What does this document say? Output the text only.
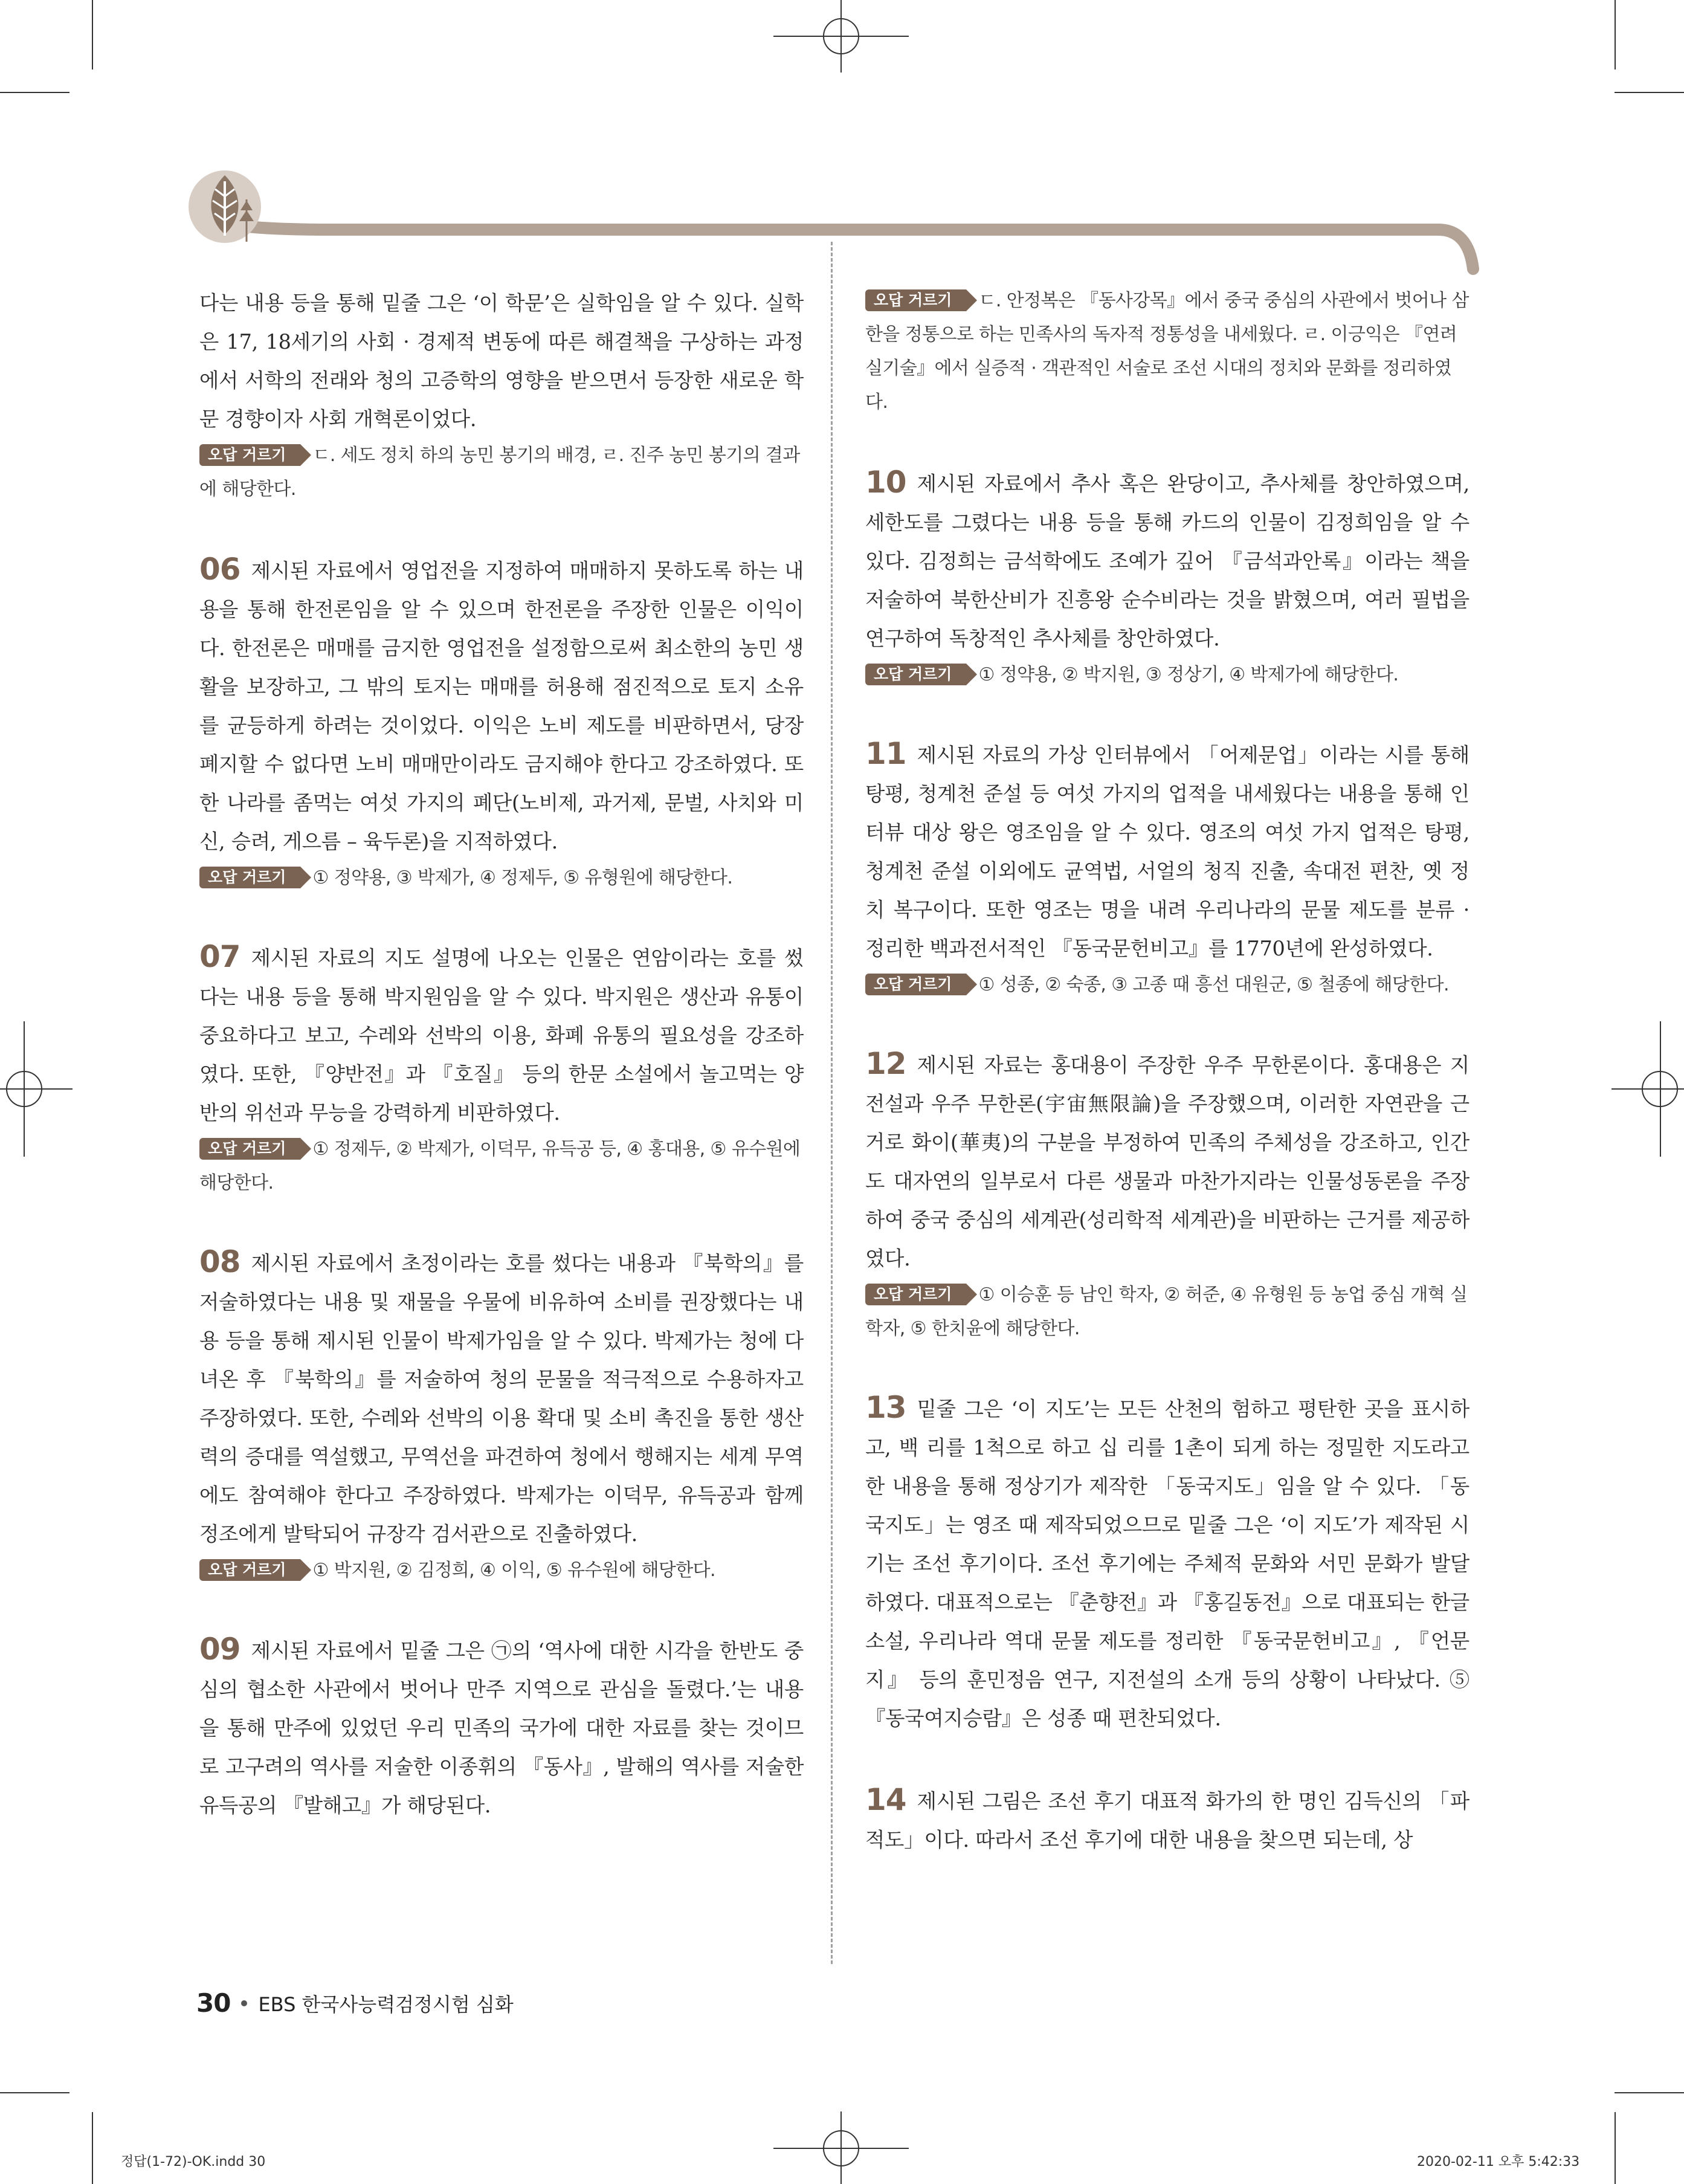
다는 내용 등을 통해 밑줄 그은 ‘이 학문’은 실학임을 알 수 있다. 실학은 17, 18세기의 사회 · 경제적 변동에 따른 해결책을 구상하는 과정에서 서학의 전래와 청의 고증학의 영향을 받으면서 등장한 새로운 학문 경향이자 사회 개혁론이었다.

오답 거르기 ㄷ. 세도 정치 하의 농민 봉기의 배경, ㄹ. 진주 농민 봉기의 결과에 해당한다.

06 제시된 자료에서 영업전을 지정하여 매매하지 못하도록 하는 내용을 통해 한전론임을 알 수 있으며 한전론을 주장한 인물은 이익이다. 한전론은 매매를 금지한 영업전을 설정함으로써 최소한의 농민 생활을 보장하고, 그 밖의 토지는 매매를 허용해 점진적으로 토지 소유를 균등하게 하려는 것이었다. 이익은 노비 제도를 비판하면서, 당장 폐지할 수 없다면 노비 매매만이라도 금지해야 한다고 강조하였다. 또한 나라를 좀먹는 여섯 가지의 폐단(노비제, 과거제, 문벌, 사치와 미신, 승려, 게으름 – 육두론)을 지적하였다.

오답 거르기 ① 정약용, ③ 박제가, ④ 정제두, ⑤ 유형원에 해당한다.

07 제시된 자료의 지도 설명에 나오는 인물은 연암이라는 호를 썼다는 내용 등을 통해 박지원임을 알 수 있다. 박지원은 생산과 유통이 중요하다고 보고, 수레와 선박의 이용, 화폐 유통의 필요성을 강조하였다. 또한, 『양반전』과 『호질』 등의 한문 소설에서 놀고먹는 양반의 위선과 무능을 강력하게 비판하였다.

오답 거르기 ① 정제두, ② 박제가, 이덕무, 유득공 등, ④ 홍대용, ⑤ 유수원에 해당한다.

08 제시된 자료에서 초정이라는 호를 썼다는 내용과 『북학의』를 저술하였다는 내용 및 재물을 우물에 비유하여 소비를 권장했다는 내용 등을 통해 제시된 인물이 박제가임을 알 수 있다. 박제가는 청에 다녀온 후 『북학의』를 저술하여 청의 문물을 적극적으로 수용하자고 주장하였다. 또한, 수레와 선박의 이용 확대 및 소비 촉진을 통한 생산력의 증대를 역설했고, 무역선을 파견하여 청에서 행해지는 세계 무역에도 참여해야 한다고 주장하였다. 박제가는 이덕무, 유득공과 함께 정조에게 발탁되어 규장각 검서관으로 진출하였다.

오답 거르기 ① 박지원, ② 김정희, ④ 이익, ⑤ 유수원에 해당한다.

09 제시된 자료에서 밑줄 그은 ㉠의 ‘역사에 대한 시각을 한반도 중심의 협소한 사관에서 벗어나 만주 지역으로 관심을 돌렸다.’는 내용을 통해 만주에 있었던 우리 민족의 국가에 대한 자료를 찾는 것이므로 고구려의 역사를 저술한 이종휘의 『동사』, 발해의 역사를 저술한 유득공의 『발해고』가 해당된다.

오답 거르기 ㄷ. 안정복은 『동사강목』에서 중국 중심의 사관에서 벗어나 삼한을 정통으로 하는 민족사의 독자적 정통성을 내세웠다. ㄹ. 이긍익은 『연려실기술』에서 실증적 · 객관적인 서술로 조선 시대의 정치와 문화를 정리하였다.

10 제시된 자료에서 추사 혹은 완당이고, 추사체를 창안하였으며, 세한도를 그렸다는 내용 등을 통해 카드의 인물이 김정희임을 알 수 있다. 김정희는 금석학에도 조예가 깊어 『금석과안록』이라는 책을 저술하여 북한산비가 진흥왕 순수비라는 것을 밝혔으며, 여러 필법을 연구하여 독창적인 추사체를 창안하였다.

오답 거르기 ① 정약용, ② 박지원, ③ 정상기, ④ 박제가에 해당한다.

11 제시된 자료의 가상 인터뷰에서 「어제문업」이라는 시를 통해 탕평, 청계천 준설 등 여섯 가지의 업적을 내세웠다는 내용을 통해 인터뷰 대상 왕은 영조임을 알 수 있다. 영조의 여섯 가지 업적은 탕평, 청계천 준설 이외에도 균역법, 서얼의 청직 진출, 속대전 편찬, 옛 정치 복구이다. 또한 영조는 명을 내려 우리나라의 문물 제도를 분류 · 정리한 백과전서적인 『동국문헌비고』를 1770년에 완성하였다.

오답 거르기 ① 성종, ② 숙종, ③ 고종 때 흥선 대원군, ⑤ 철종에 해당한다.

12 제시된 자료는 홍대용이 주장한 우주 무한론이다. 홍대용은 지전설과 우주 무한론(宇宙無限論)을 주장했으며, 이러한 자연관을 근거로 화이(華夷)의 구분을 부정하여 민족의 주체성을 강조하고, 인간도 대자연의 일부로서 다른 생물과 마찬가지라는 인물성동론을 주장하여 중국 중심의 세계관(성리학적 세계관)을 비판하는 근거를 제공하였다.

오답 거르기 ① 이승훈 등 남인 학자, ② 허준, ④ 유형원 등 농업 중심 개혁 실학자, ⑤ 한치윤에 해당한다.

13 밑줄 그은 ‘이 지도’는 모든 산천의 험하고 평탄한 곳을 표시하고, 백 리를 1척으로 하고 십 리를 1촌이 되게 하는 정밀한 지도라고 한 내용을 통해 정상기가 제작한 「동국지도」임을 알 수 있다. 「동국지도」는 영조 때 제작되었으므로 밑줄 그은 ‘이 지도’가 제작된 시기는 조선 후기이다. 조선 후기에는 주체적 문화와 서민 문화가 발달하였다. 대표적으로는 『춘향전』과 『홍길동전』으로 대표되는 한글 소설, 우리나라 역대 문물 제도를 정리한 『동국문헌비고』, 『언문지』 등의 훈민정음 연구, 지전설의 소개 등의 상황이 나타났다. ⑤ 『동국여지승람』은 성종 때 편찬되었다.

14 제시된 그림은 조선 후기 대표적 화가의 한 명인 김득신의 「파적도」이다. 따라서 조선 후기에 대한 내용을 찾으면 되는데, 상

30 EBS 한국사능력검정시험 심화
정답(1-72)-OK.indd 30	2020-02-11 오후 5:42:33
